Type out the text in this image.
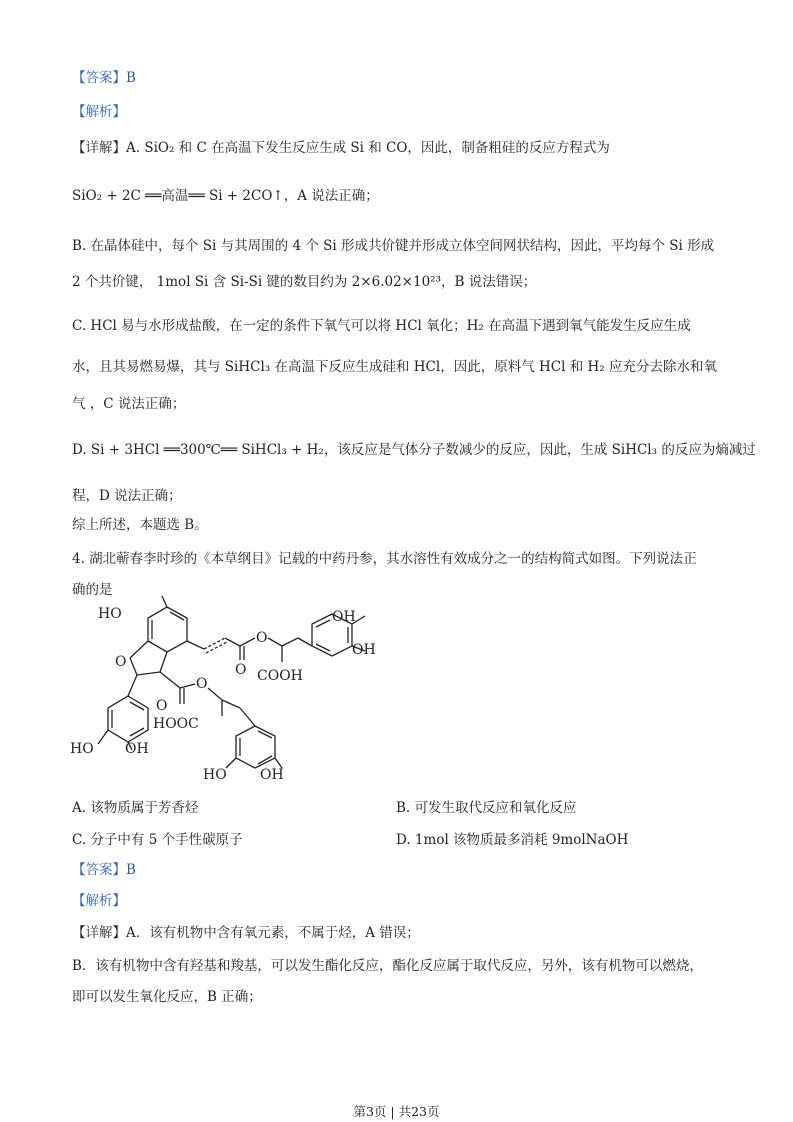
【答案】B
【解析】
【详解】A. SiO₂ 和 C 在高温下发生反应生成 Si 和 CO，因此，制备粗硅的反应方程式为
SiO₂ + 2C ══高温══ Si + 2CO↑，A 说法正确；
B. 在晶体硅中，每个 Si 与其周围的 4 个 Si 形成共价键并形成立体空间网状结构，因此，平均每个 Si 形成
2 个共价键， 1mol Si 含 Si-Si 键的数目约为 2×6.02×10²³，B 说法错误；
C. HCl 易与水形成盐酸，在一定的条件下氧气可以将 HCl 氧化；H₂ 在高温下遇到氧气能发生反应生成
水，且其易燃易爆，其与 SiHCl₃ 在高温下反应生成硅和 HCl，因此，原料气 HCl 和 H₂ 应充分去除水和氧
气 ，C 说法正确；
D. Si + 3HCl ══300℃══ SiHCl₃ + H₂，该反应是气体分子数减少的反应，因此，生成 SiHCl₃ 的反应为熵减过
程，D 说法正确；
综上所述，本题选 B。
4. 湖北蕲春李时珍的《本草纲目》记载的中药丹参，其水溶性有效成分之一的结构简式如图。下列说法正
确的是
HO
O
O
O
OH
OH
COOH
O
O
HOOC
HO OH
HO OH
A. 该物质属于芳香烃	B. 可发生取代反应和氧化反应
C. 分子中有 5 个手性碳原子	D. 1mol 该物质最多消耗 9molNaOH
【答案】B
【解析】
【详解】A．该有机物中含有氧元素，不属于烃，A 错误；
B．该有机物中含有羟基和羧基，可以发生酯化反应，酯化反应属于取代反应，另外，该有机物可以燃烧，
即可以发生氧化反应，B 正确；
第3页 | 共23页
